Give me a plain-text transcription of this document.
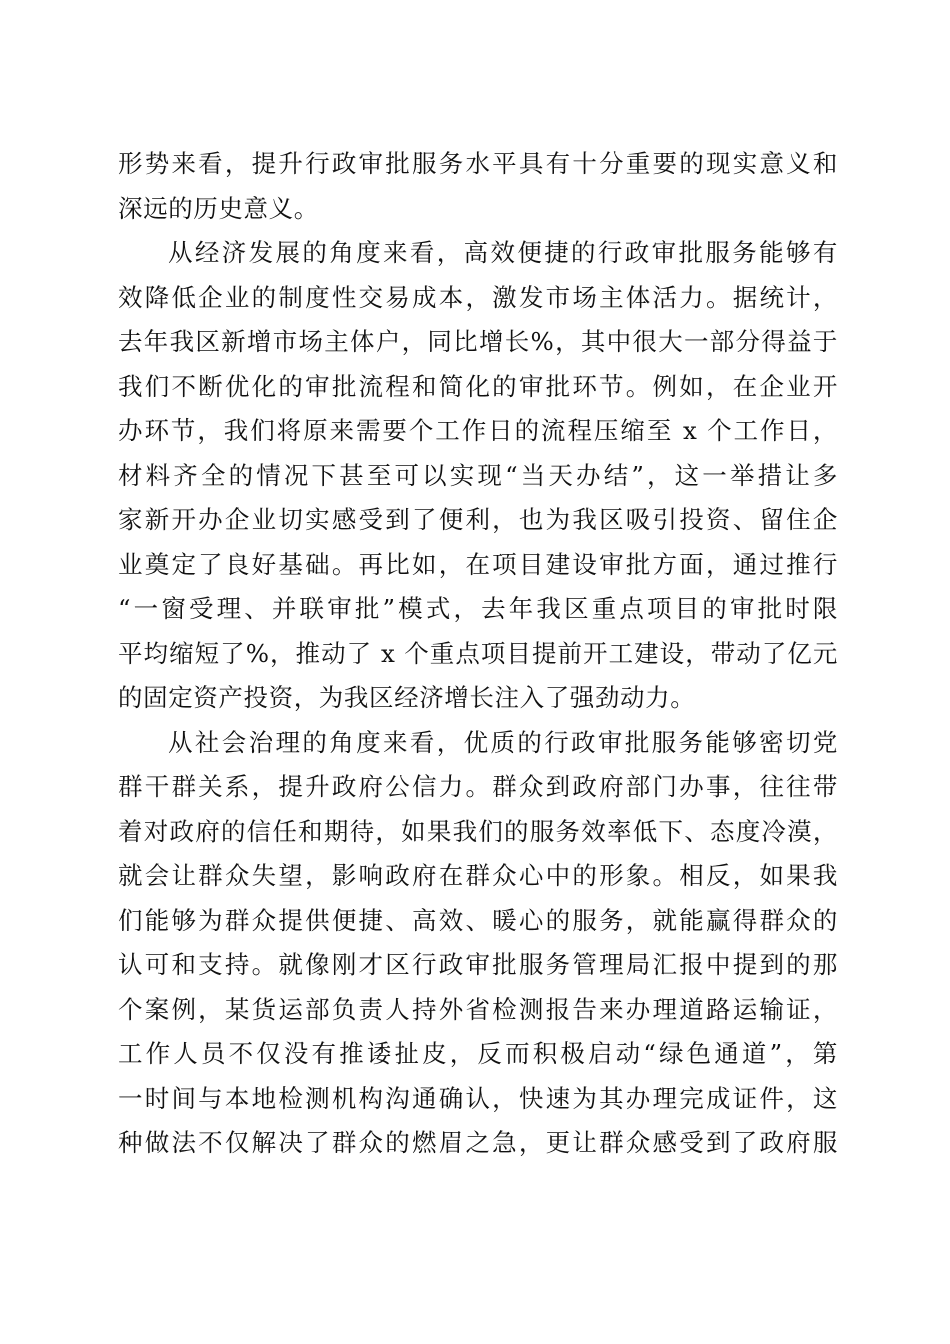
形势来看，提升行政审批服务水平具有十分重要的现实意义和
深远的历史意义。
从经济发展的角度来看，高效便捷的行政审批服务能够有
效降低企业的制度性交易成本，激发市场主体活力。据统计，
去年我区新增市场主体户，同比增长%，其中很大一部分得益于
我们不断优化的审批流程和简化的审批环节。例如，在企业开
办环节，我们将原来需要个工作日的流程压缩至 x 个工作日，
材料齐全的情况下甚至可以实现“当天办结”，这一举措让多
家新开办企业切实感受到了便利，也为我区吸引投资、留住企
业奠定了良好基础。再比如，在项目建设审批方面，通过推行
“一窗受理、并联审批”模式，去年我区重点项目的审批时限
平均缩短了%，推动了 x 个重点项目提前开工建设，带动了亿元
的固定资产投资，为我区经济增长注入了强劲动力。
从社会治理的角度来看，优质的行政审批服务能够密切党
群干群关系，提升政府公信力。群众到政府部门办事，往往带
着对政府的信任和期待，如果我们的服务效率低下、态度冷漠，
就会让群众失望，影响政府在群众心中的形象。相反，如果我
们能够为群众提供便捷、高效、暖心的服务，就能赢得群众的
认可和支持。就像刚才区行政审批服务管理局汇报中提到的那
个案例，某货运部负责人持外省检测报告来办理道路运输证，
工作人员不仅没有推诿扯皮，反而积极启动“绿色通道”，第
一时间与本地检测机构沟通确认，快速为其办理完成证件，这
种做法不仅解决了群众的燃眉之急，更让群众感受到了政府服
